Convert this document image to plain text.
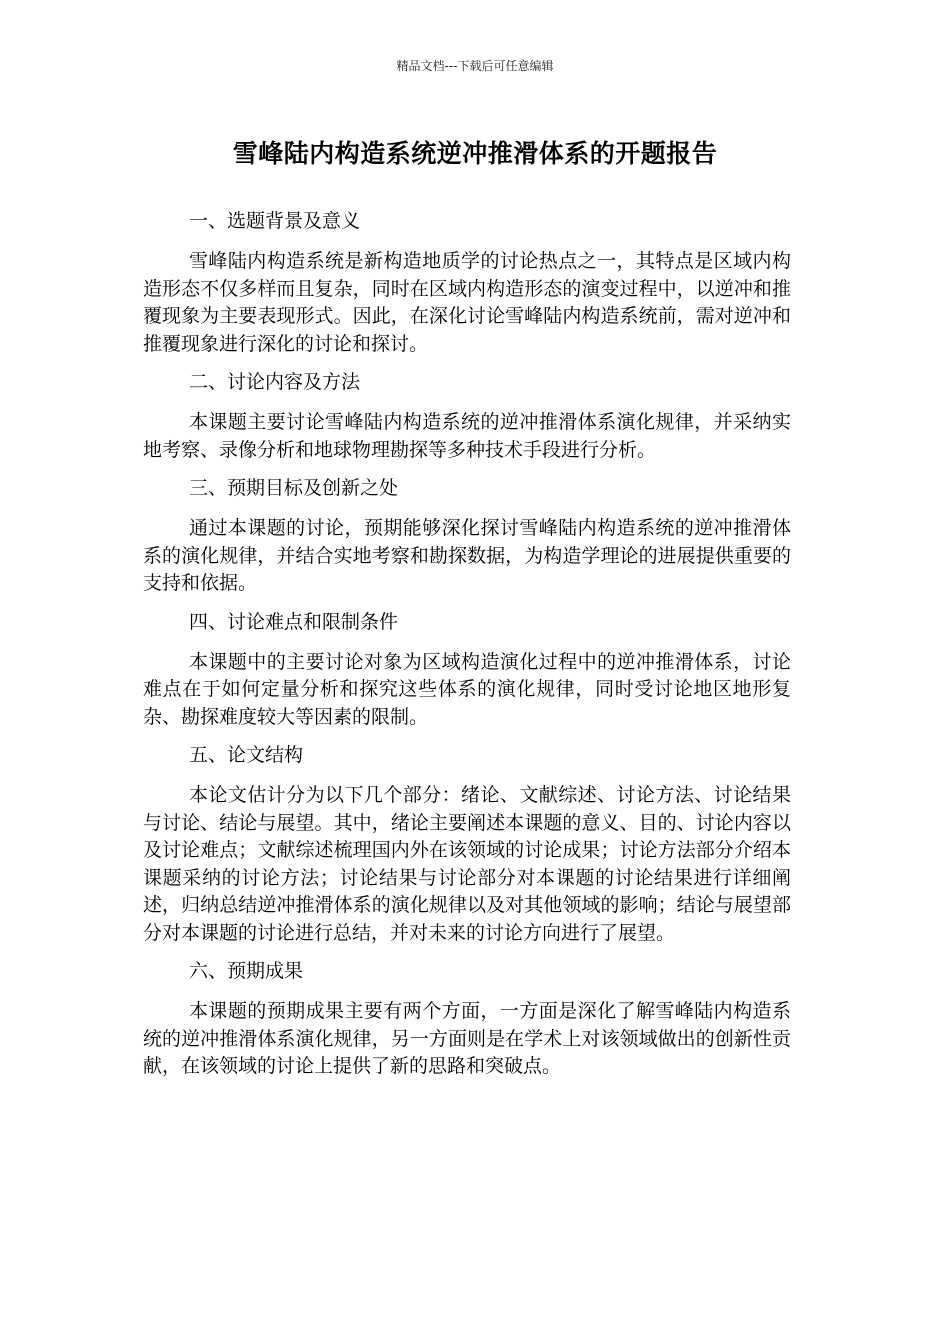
精品文档---下载后可任意编辑
雪峰陆内构造系统逆冲推滑体系的开题报告

一、选题背景及意义

雪峰陆内构造系统是新构造地质学的讨论热点之一，其特点是区域内构造形态不仅多样而且复杂，同时在区域内构造形态的演变过程中，以逆冲和推覆现象为主要表现形式。因此，在深化讨论雪峰陆内构造系统前，需对逆冲和推覆现象进行深化的讨论和探讨。

二、讨论内容及方法

本课题主要讨论雪峰陆内构造系统的逆冲推滑体系演化规律，并采纳实地考察、录像分析和地球物理勘探等多种技术手段进行分析。

三、预期目标及创新之处

通过本课题的讨论，预期能够深化探讨雪峰陆内构造系统的逆冲推滑体系的演化规律，并结合实地考察和勘探数据，为构造学理论的进展提供重要的支持和依据。

四、讨论难点和限制条件

本课题中的主要讨论对象为区域构造演化过程中的逆冲推滑体系，讨论难点在于如何定量分析和探究这些体系的演化规律，同时受讨论地区地形复杂、勘探难度较大等因素的限制。

五、论文结构

本论文估计分为以下几个部分：绪论、文献综述、讨论方法、讨论结果与讨论、结论与展望。其中，绪论主要阐述本课题的意义、目的、讨论内容以及讨论难点；文献综述梳理国内外在该领域的讨论成果；讨论方法部分介绍本课题采纳的讨论方法；讨论结果与讨论部分对本课题的讨论结果进行详细阐述，归纳总结逆冲推滑体系的演化规律以及对其他领域的影响；结论与展望部分对本课题的讨论进行总结，并对未来的讨论方向进行了展望。

六、预期成果

本课题的预期成果主要有两个方面，一方面是深化了解雪峰陆内构造系统的逆冲推滑体系演化规律，另一方面则是在学术上对该领域做出的创新性贡献，在该领域的讨论上提供了新的思路和突破点。
